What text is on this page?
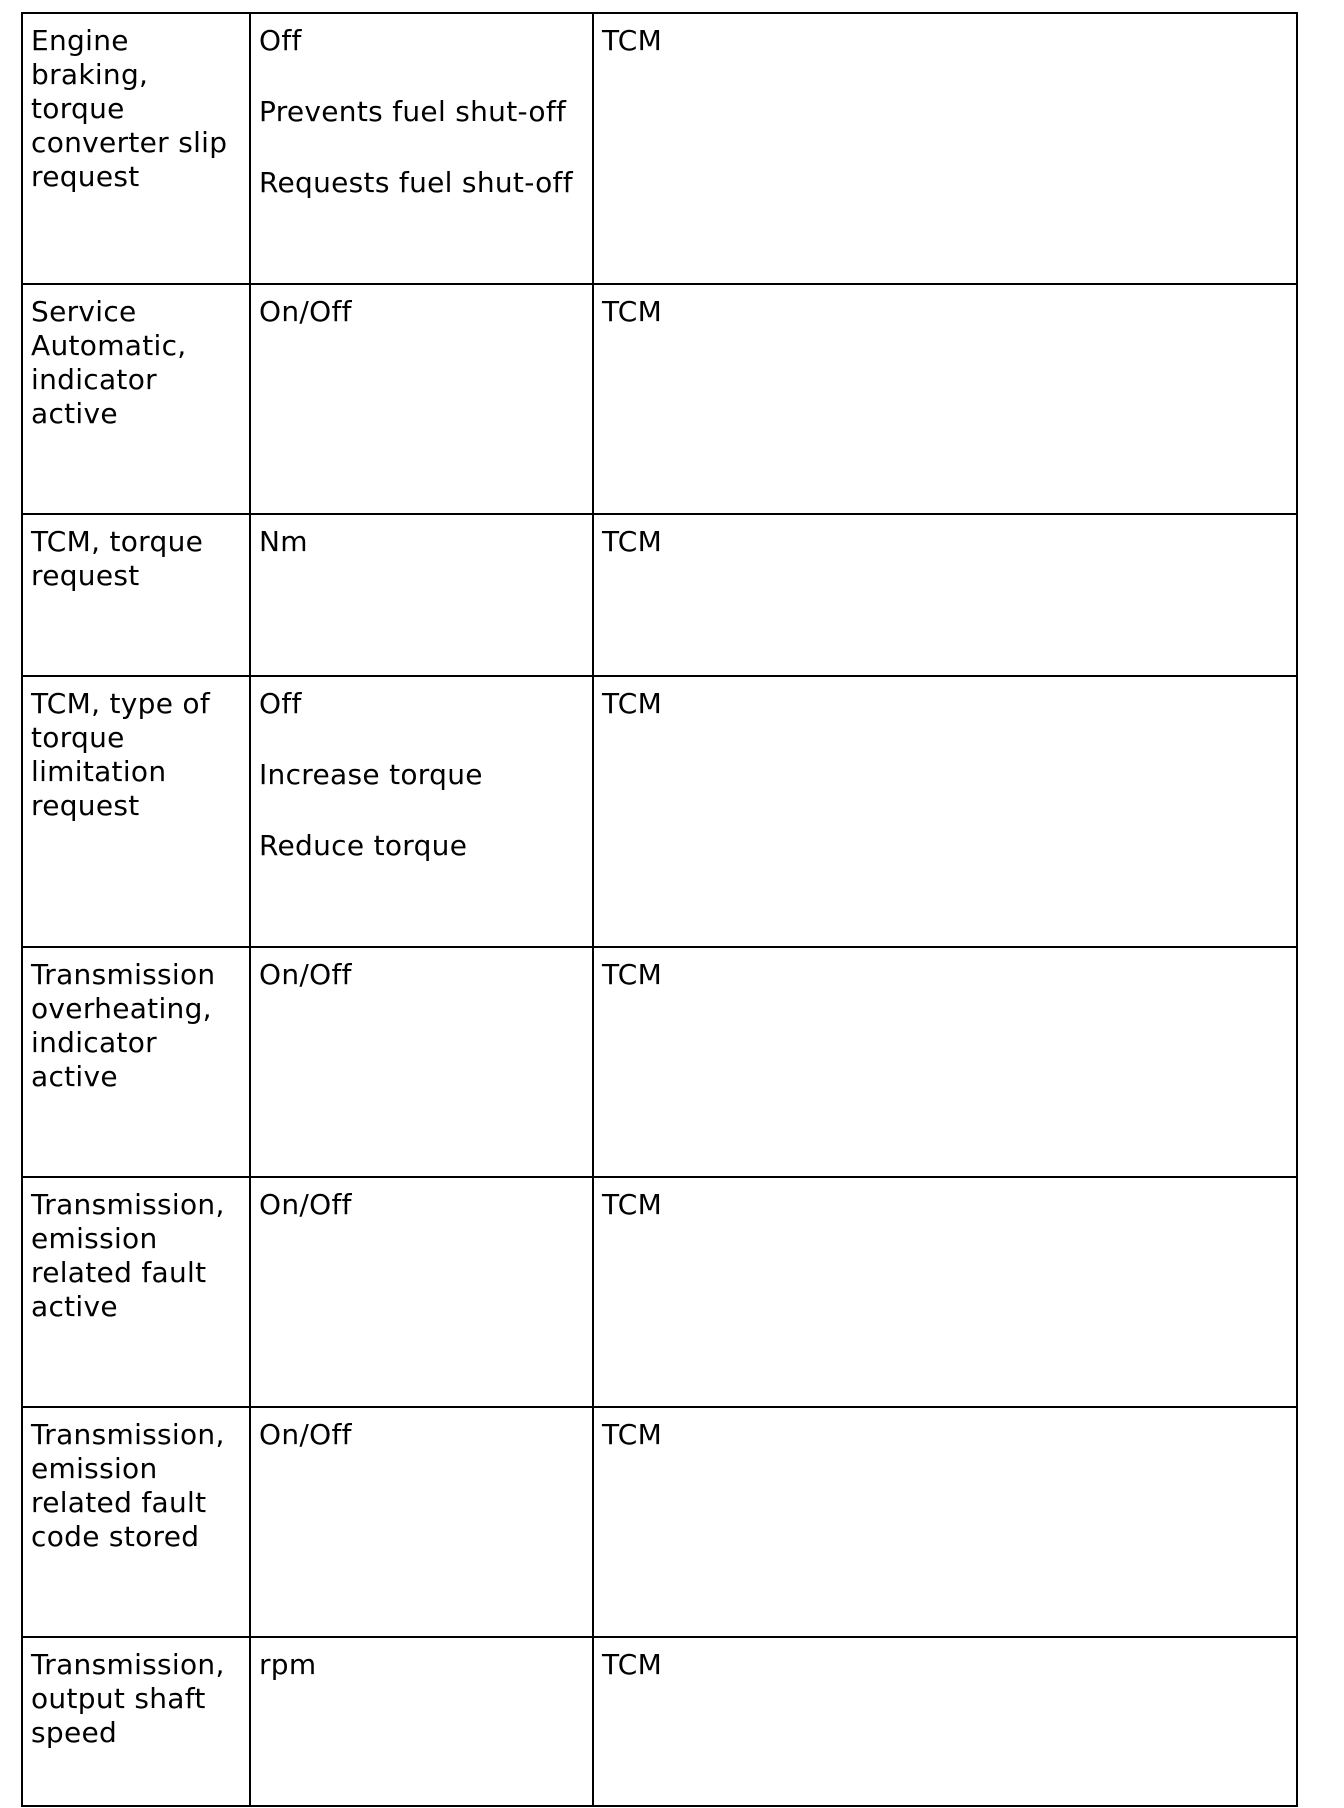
Engine braking, torque converter slip request	Off
Prevents fuel shut-off
Requests fuel shut-off	TCM
Service Automatic, indicator active	On/Off	TCM
TCM, torque request	Nm	TCM
TCM, type of torque limitation request	Off
Increase torque
Reduce torque	TCM
Transmission overheating, indicator active	On/Off	TCM
Transmission, emission related fault active	On/Off	TCM
Transmission, emission related fault code stored	On/Off	TCM
Transmission, output shaft speed	rpm	TCM
